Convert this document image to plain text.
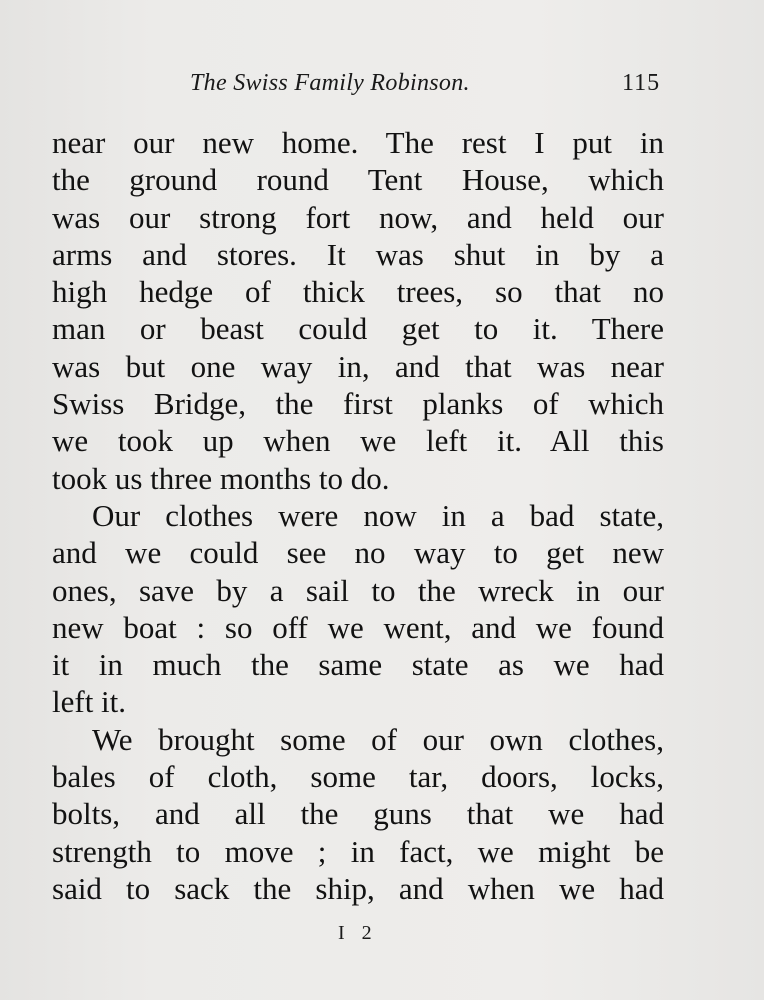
The Swiss Family Robinson.	115
near our new home. The rest I put in
the ground round Tent House, which
was our strong fort now, and held our
arms and stores. It was shut in by a
high hedge of thick trees, so that no
man or beast could get to it. There
was but one way in, and that was near
Swiss Bridge, the first planks of which
we took up when we left it. All this
took us three months to do.
Our clothes were now in a bad state,
and we could see no way to get new
ones, save by a sail to the wreck in our
new boat : so off we went, and we found
it in much the same state as we had
left it.
We brought some of our own clothes,
bales of cloth, some tar, doors, locks,
bolts, and all the guns that we had
strength to move ; in fact, we might be
said to sack the ship, and when we had
I 2
